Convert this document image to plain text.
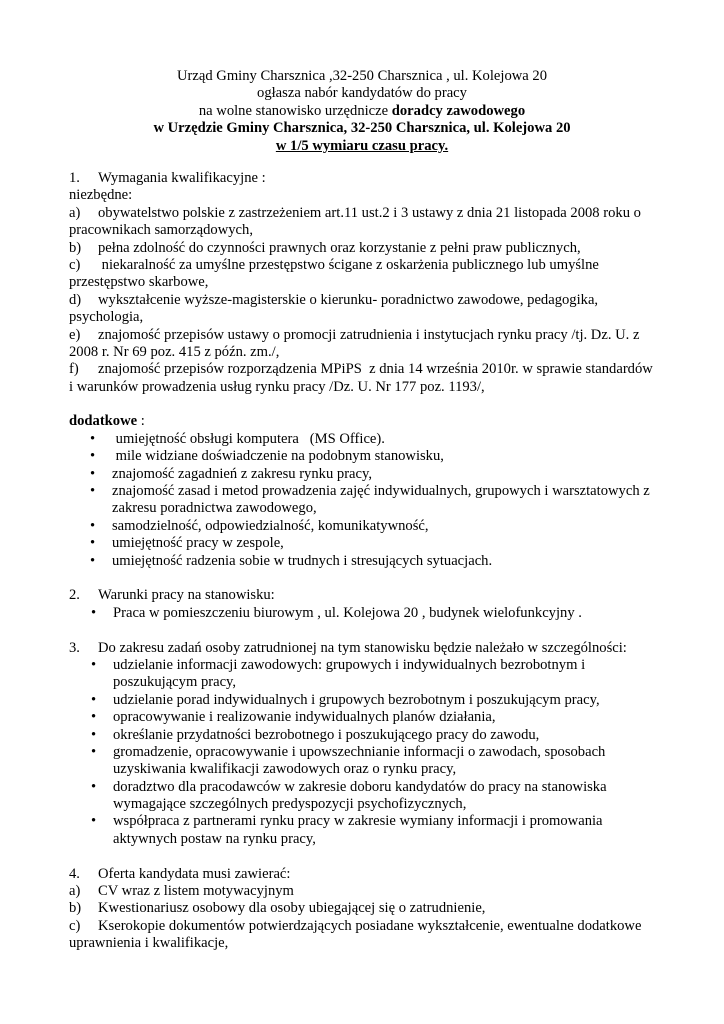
Urząd Gminy Charsznica ,32-250 Charsznica , ul. Kolejowa 20
ogłasza nabór kandydatów do pracy
na wolne stanowisko urzędnicze doradcy zawodowego
w Urzędzie Gminy Charsznica, 32-250 Charsznica, ul. Kolejowa 20
w 1/5 wymiaru czasu pracy.
1. Wymagania kwalifikacyjne :
niezbędne:
a) obywatelstwo polskie z zastrzeżeniem art.11 ust.2 i 3 ustawy z dnia 21 listopada 2008 roku o
pracownikach samorządowych,
b) pełna zdolność do czynności prawnych oraz korzystanie z pełni praw publicznych,
c) niekaralność za umyślne przestępstwo ścigane z oskarżenia publicznego lub umyślne
przestępstwo skarbowe,
d) wykształcenie wyższe-magisterskie o kierunku- poradnictwo zawodowe, pedagogika,
psychologia,
e) znajomość przepisów ustawy o promocji zatrudnienia i instytucjach rynku pracy /tj. Dz. U. z
2008 r. Nr 69 poz. 415 z późn. zm./,
f) znajomość przepisów rozporządzenia MPiPS  z dnia 14 września 2010r. w sprawie standardów
i warunków prowadzenia usług rynku pracy /Dz. U. Nr 177 poz. 1193/,
dodatkowe :
•  umiejętność obsługi komputera   (MS Office).
•  mile widziane doświadczenie na podobnym stanowisku,
• znajomość zagadnień z zakresu rynku pracy,
• znajomość zasad i metod prowadzenia zajęć indywidualnych, grupowych i warsztatowych z
zakresu poradnictwa zawodowego,
• samodzielność, odpowiedzialność, komunikatywność,
• umiejętność pracy w zespole,
• umiejętność radzenia sobie w trudnych i stresujących sytuacjach.
2. Warunki pracy na stanowisku:
• Praca w pomieszczeniu biurowym , ul. Kolejowa 20 , budynek wielofunkcyjny .
3. Do zakresu zadań osoby zatrudnionej na tym stanowisku będzie należało w szczególności:
• udzielanie informacji zawodowych: grupowych i indywidualnych bezrobotnym i
poszukującym pracy,
• udzielanie porad indywidualnych i grupowych bezrobotnym i poszukującym pracy,
• opracowywanie i realizowanie indywidualnych planów działania,
• określanie przydatności bezrobotnego i poszukującego pracy do zawodu,
• gromadzenie, opracowywanie i upowszechnianie informacji o zawodach, sposobach
uzyskiwania kwalifikacji zawodowych oraz o rynku pracy,
• doradztwo dla pracodawców w zakresie doboru kandydatów do pracy na stanowiska
wymagające szczególnych predyspozycji psychofizycznych,
• współpraca z partnerami rynku pracy w zakresie wymiany informacji i promowania
aktywnych postaw na rynku pracy,
4. Oferta kandydata musi zawierać:
a) CV wraz z listem motywacyjnym
b) Kwestionariusz osobowy dla osoby ubiegającej się o zatrudnienie,
c) Kserokopie dokumentów potwierdzających posiadane wykształcenie, ewentualne dodatkowe
uprawnienia i kwalifikacje,
